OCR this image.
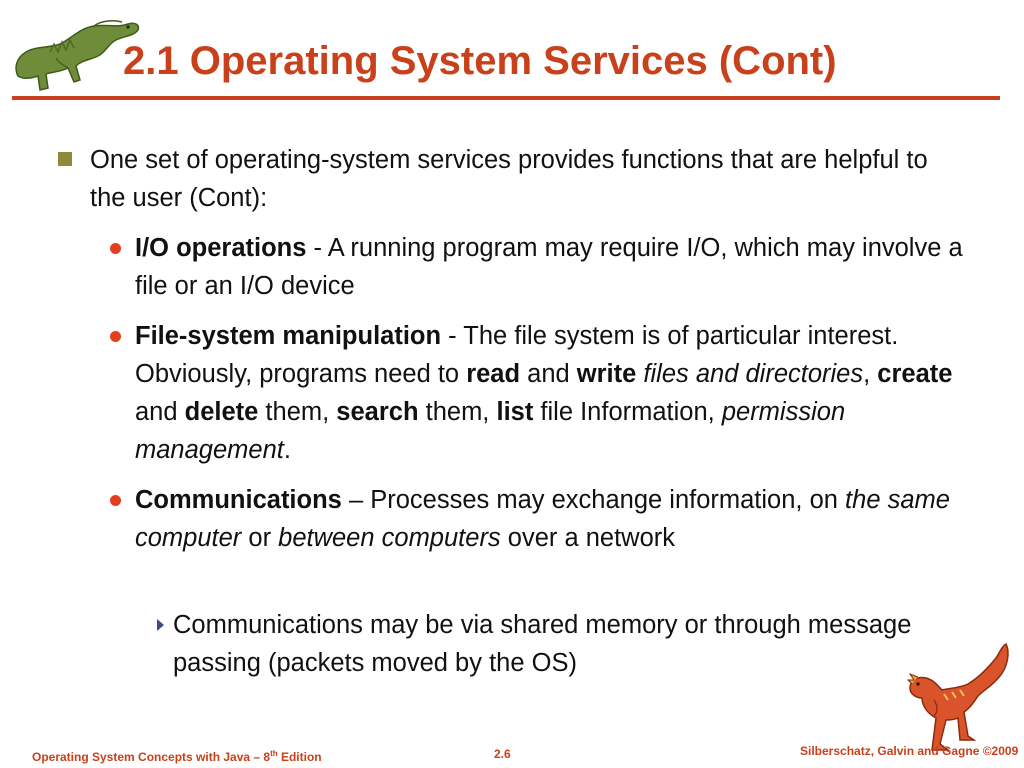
2.1 Operating System Services (Cont)
One set of operating-system services provides functions that are helpful to the user (Cont):
I/O operations - A running program may require I/O, which may involve a file or an I/O device
File-system manipulation - The file system is of particular interest. Obviously, programs need to read and write files and directories, create and delete them, search them, list file Information, permission management.
Communications – Processes may exchange information, on the same computer or between computers over a network
Communications may be via shared memory or through message passing (packets moved by the OS)
Operating System Concepts with Java – 8th Edition	2.6	Silberschatz, Galvin and Gagne ©2009
